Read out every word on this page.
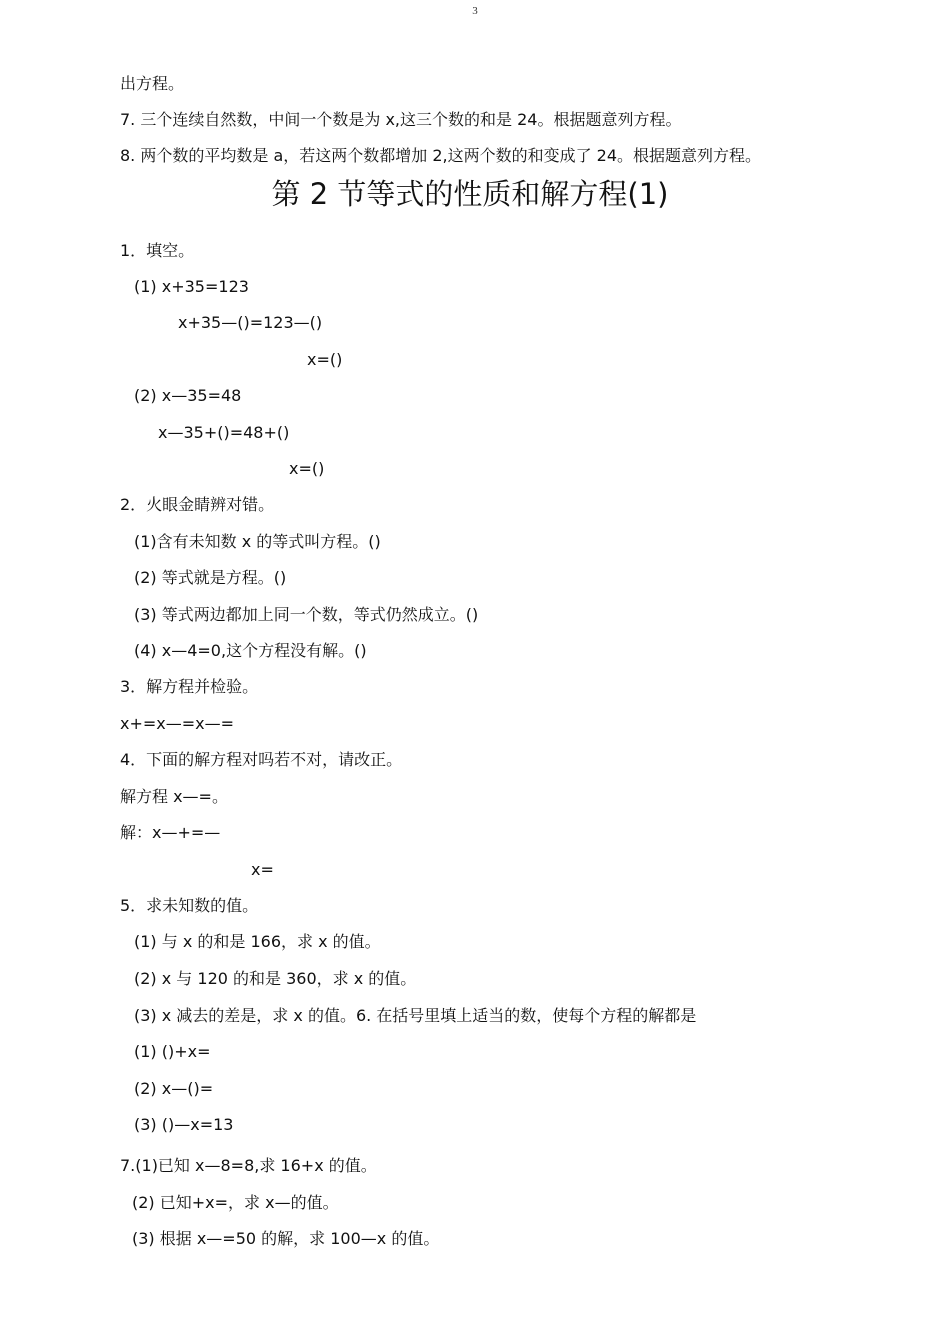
3
出方程。
7. 三个连续自然数，中间一个数是为 x,这三个数的和是 24。根据题意列方程。
8. 两个数的平均数是 a，若这两个数都增加 2,这两个数的和变成了 24。根据题意列方程。
第 2 节等式的性质和解方程(1)
1．填空。
(1) x+35=123
x+35—()=123—()
x=()
(2) x—35=48
x—35+()=48+()
x=()
2．火眼金睛辨对错。
(1)含有未知数 x 的等式叫方程。()
(2) 等式就是方程。()
(3) 等式两边都加上同一个数，等式仍然成立。()
(4) x—4=0,这个方程没有解。()
3．解方程并检验。
x+=x—=x—=
4．下面的解方程对吗若不对，请改正。
解方程 x—=。
解：x—+=—
x=
5．求未知数的值。
(1) 与 x 的和是 166，求 x 的值。
(2) x 与 120 的和是 360，求 x 的值。
(3) x 减去的差是，求 x 的值。6. 在括号里填上适当的数，使每个方程的解都是
(1) ()+x=
(2) x—()=
(3) ()—x=13
7.(1)已知 x—8=8,求 16+x 的值。
(2) 已知+x=，求 x—的值。
(3) 根据 x—=50 的解，求 100—x 的值。
